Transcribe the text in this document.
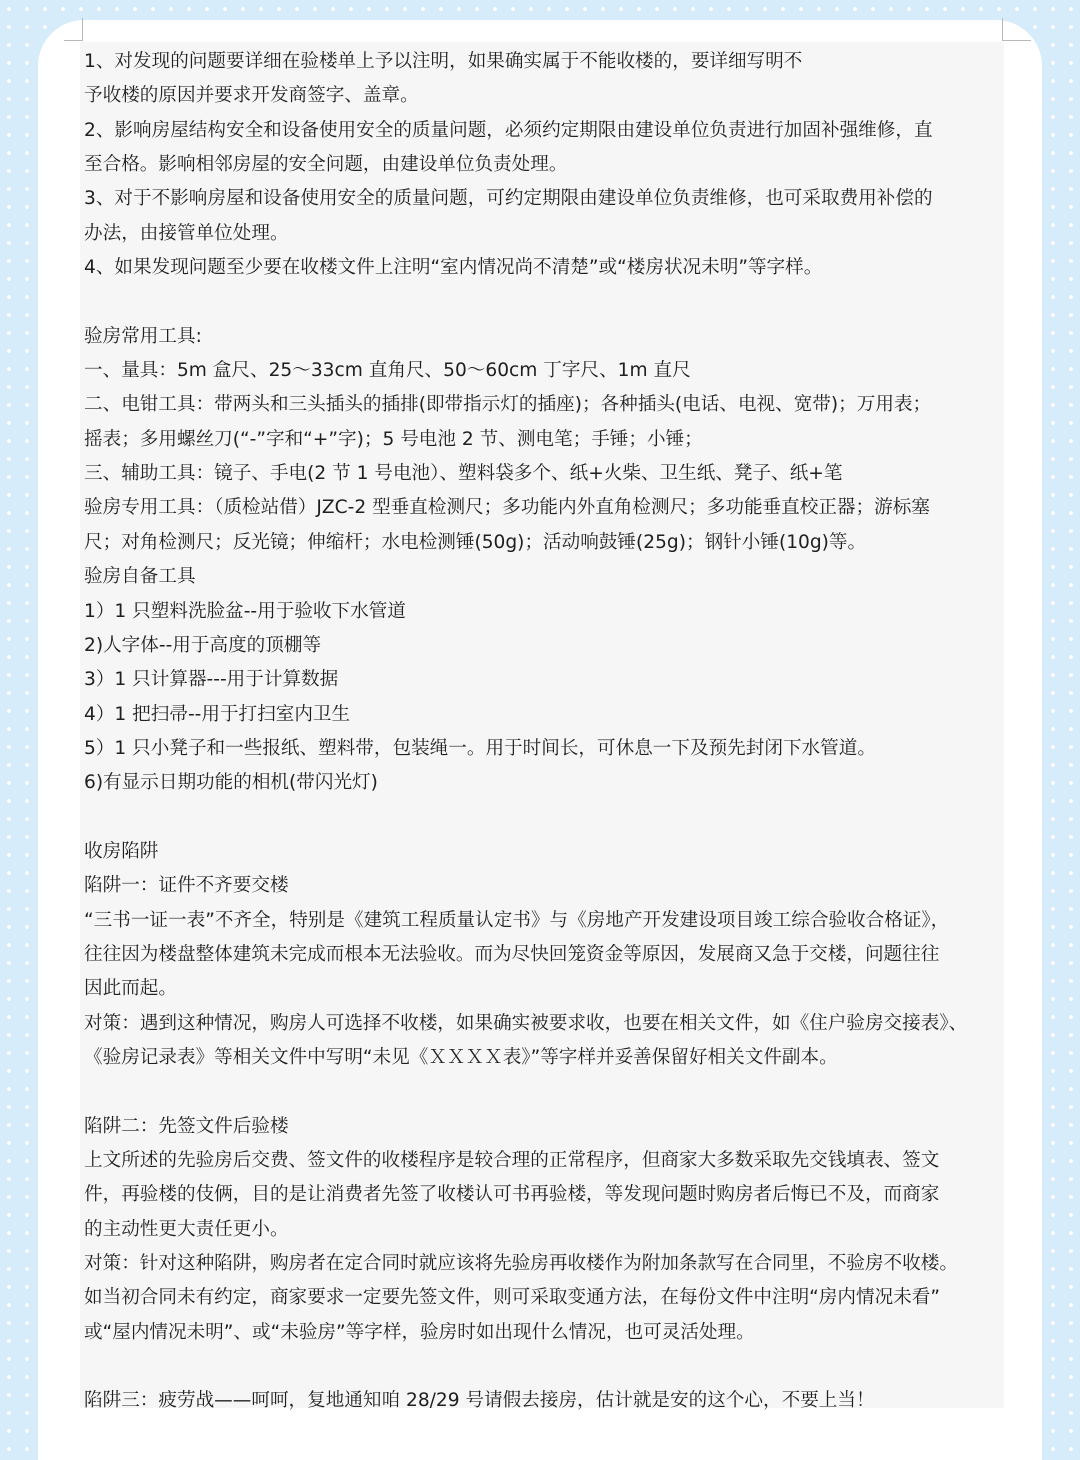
1、对发现的问题要详细在验楼单上予以注明，如果确实属于不能收楼的，要详细写明不
予收楼的原因并要求开发商签字、盖章。
2、影响房屋结构安全和设备使用安全的质量问题，必须约定期限由建设单位负责进行加固补强维修，直
至合格。影响相邻房屋的安全问题，由建设单位负责处理。
3、对于不影响房屋和设备使用安全的质量问题，可约定期限由建设单位负责维修，也可采取费用补偿的
办法，由接管单位处理。
4、如果发现问题至少要在收楼文件上注明“室内情况尚不清楚”或“楼房状况未明”等字样。
验房常用工具:
一、量具：5m 盒尺、25～33cm 直角尺、50～60cm 丁字尺、1m 直尺
二、电钳工具：带两头和三头插头的插排(即带指示灯的插座)；各种插头(电话、电视、宽带)；万用表；
摇表；多用螺丝刀(“-”字和“+”字)；5 号电池 2 节、测电笔；手锤；小锤；
三、辅助工具：镜子、手电(2 节 1 号电池）、塑料袋多个、纸+火柴、卫生纸、凳子、纸+笔
验房专用工具：（质检站借）JZC-2 型垂直检测尺；多功能内外直角检测尺；多功能垂直校正器；游标塞
尺；对角检测尺；反光镜；伸缩杆；水电检测锤(50g)；活动响鼓锤(25g)；钢针小锤(10g)等。
验房自备工具
1）1 只塑料洗脸盆--用于验收下水管道
2)人字体--用于高度的顶棚等
3）1 只计算器---用于计算数据
4）1 把扫帚--用于打扫室内卫生
5）1 只小凳子和一些报纸、塑料带，包装绳一。用于时间长，可休息一下及预先封闭下水管道。
6)有显示日期功能的相机(带闪光灯)
收房陷阱
陷阱一：证件不齐要交楼
“三书一证一表”不齐全，特别是《建筑工程质量认定书》与《房地产开发建设项目竣工综合验收合格证》，
往往因为楼盘整体建筑未完成而根本无法验收。而为尽快回笼资金等原因，发展商又急于交楼，问题往往
因此而起。
对策：遇到这种情况，购房人可选择不收楼，如果确实被要求收，也要在相关文件，如《住户验房交接表》、
《验房记录表》等相关文件中写明“未见《ＸＸＸＸ表》”等字样并妥善保留好相关文件副本。
陷阱二：先签文件后验楼
上文所述的先验房后交费、签文件的收楼程序是较合理的正常程序，但商家大多数采取先交钱填表、签文
件，再验楼的伎俩，目的是让消费者先签了收楼认可书再验楼，等发现问题时购房者后悔已不及，而商家
的主动性更大责任更小。
对策：针对这种陷阱，购房者在定合同时就应该将先验房再收楼作为附加条款写在合同里，不验房不收楼。
如当初合同未有约定，商家要求一定要先签文件，则可采取变通方法，在每份文件中注明“房内情况未看”
或“屋内情况未明”、或“未验房”等字样，验房时如出现什么情况，也可灵活处理。
陷阱三：疲劳战——呵呵，复地通知咱 28/29 号请假去接房，估计就是安的这个心，不要上当！
